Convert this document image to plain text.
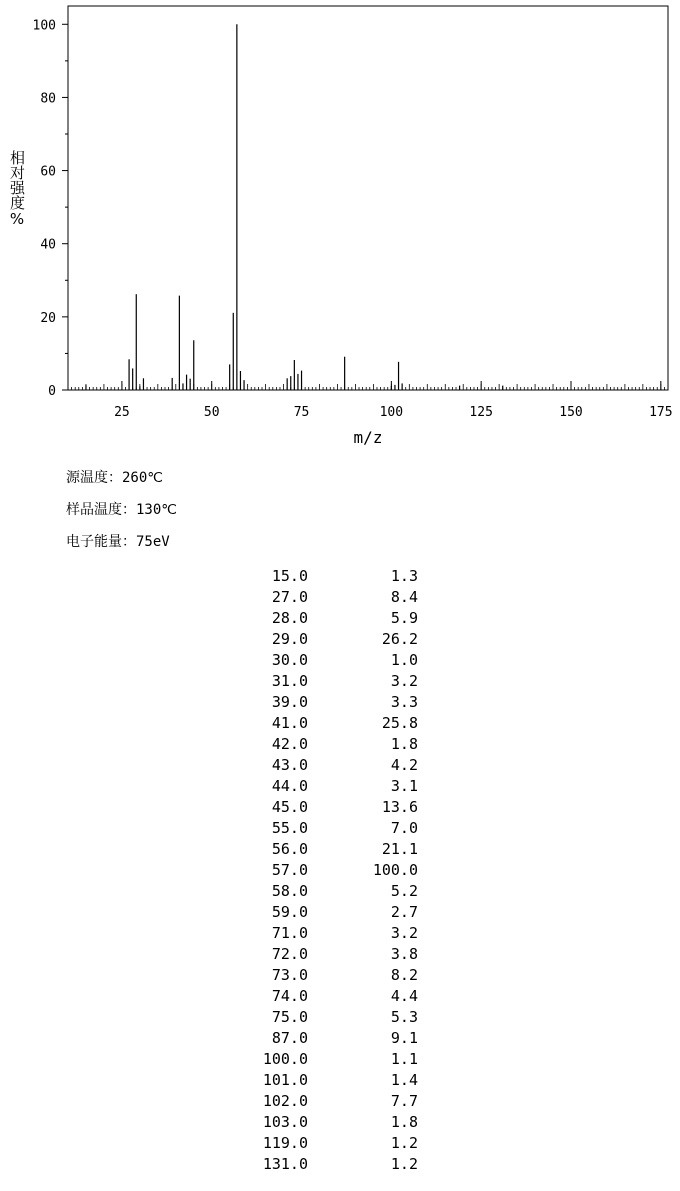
25	50	75	100	125	150	175
0
20
40
60
80
100
m/z
相对强度%
源温度：260℃
样品温度：130℃
电子能量：75eV
15.0	1.3
27.0	8.4
28.0	5.9
29.0	26.2
30.0	1.0
31.0	3.2
39.0	3.3
41.0	25.8
42.0	1.8
43.0	4.2
44.0	3.1
45.0	13.6
55.0	7.0
56.0	21.1
57.0	100.0
58.0	5.2
59.0	2.7
71.0	3.2
72.0	3.8
73.0	8.2
74.0	4.4
75.0	5.3
87.0	9.1
100.0	1.1
101.0	1.4
102.0	7.7
103.0	1.8
119.0	1.2
131.0	1.2
